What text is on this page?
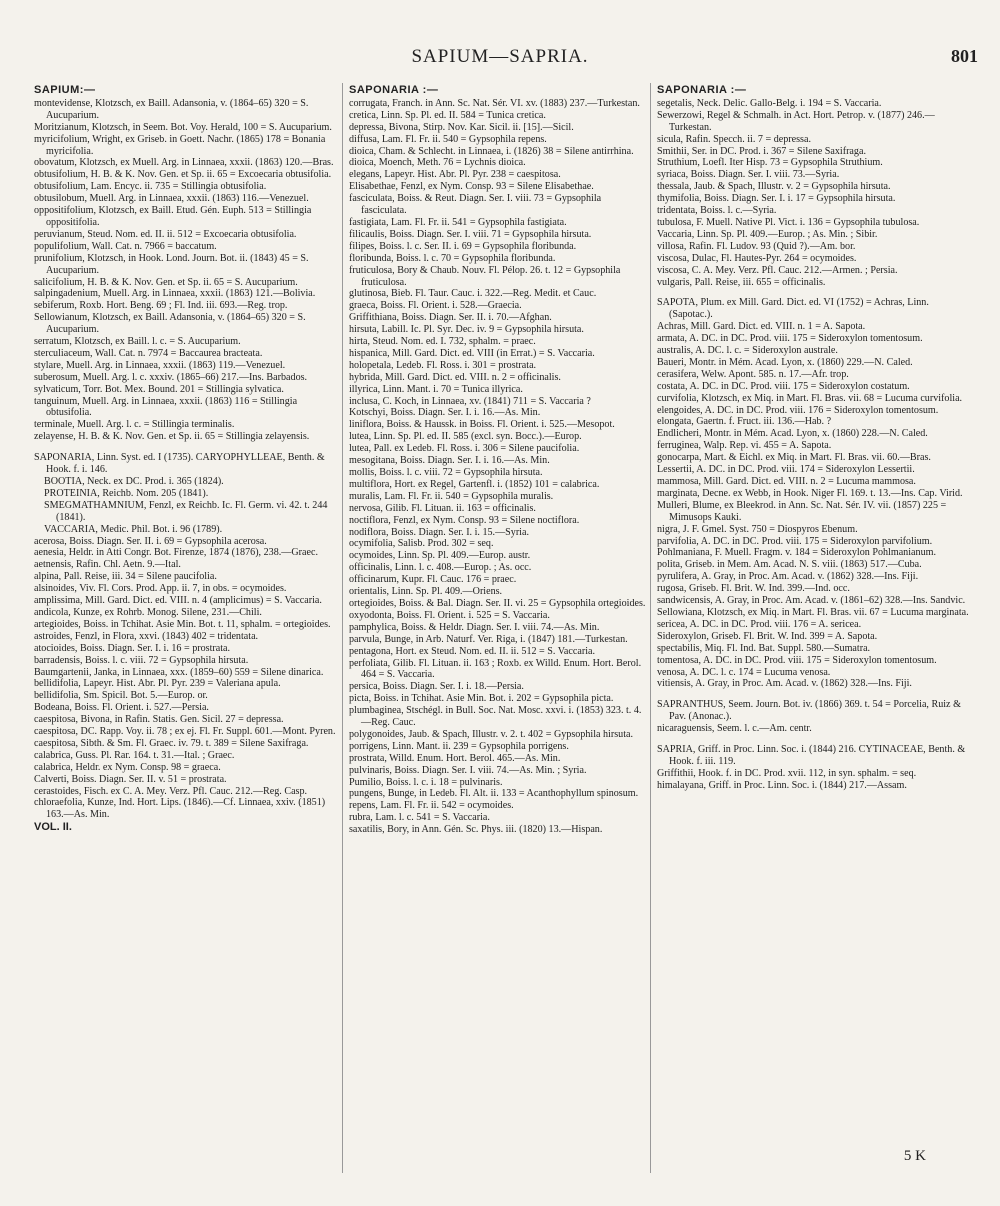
SAPIUM—SAPRIA.	801
SAPIUM:—
montevidense, Klotzsch, ex Baill. Adansonia, v. (1864–65) 320 = S. Aucuparium.
Moritzianum, Klotzsch, in Seem. Bot. Voy. Herald, 100 = S. Aucuparium.
myricifolium, Wright, ex Griseb. in Goett. Nachr. (1865) 178 = Bonania myricifolia.
obovatum, Klotzsch, ex Muell. Arg. in Linnaea, xxxii. (1863) 120.—Bras.
obtusifolium, H. B. & K. Nov. Gen. et Sp. ii. 65 = Excoecaria obtusifolia.
obtusifolium, Lam. Encyc. ii. 735 = Stillingia obtusifolia.
obtusilobum, Muell. Arg. in Linnaea, xxxii. (1863) 116.—Venezuel.
oppositifolium, Klotzsch, ex Baill. Etud. Gén. Euph. 513 = Stillingia oppositifolia.
peruvianum, Steud. Nom. ed. II. ii. 512 = Excoecaria obtusifolia.
populifolium, Wall. Cat. n. 7966 = baccatum.
prunifolium, Klotzsch, in Hook. Lond. Journ. Bot. ii. (1843) 45 = S. Aucuparium.
salicifolium, H. B. & K. Nov. Gen. et Sp. ii. 65 = S. Aucuparium.
salpingadenium, Muell. Arg. in Linnaea, xxxii. (1863) 121.—Bolivia.
sebiferum, Roxb. Hort. Beng. 69 ; Fl. Ind. iii. 693.—Reg. trop.
Sellowianum, Klotzsch, ex Baill. Adansonia, v. (1864–65) 320 = S. Aucuparium.
serratum, Klotzsch, ex Baill. l. c. = S. Aucuparium.
sterculiaceum, Wall. Cat. n. 7974 = Baccaurea bracteata.
stylare, Muell. Arg. in Linnaea, xxxii. (1863) 119.—Venezuel.
suberosum, Muell. Arg. l. c. xxxiv. (1865–66) 217.—Ins. Barbados.
sylvaticum, Torr. Bot. Mex. Bound. 201 = Stillingia sylvatica.
tanguinum, Muell. Arg. in Linnaea, xxxii. (1863) 116 = Stillingia obtusifolia.
terminale, Muell. Arg. l. c. = Stillingia terminalis.
zelayense, H. B. & K. Nov. Gen. et Sp. ii. 65 = Stillingia zelayensis.
SAPONARIA, Linn. Syst. ed. I (1735). CARYOPHYLLEAE, Benth. & Hook. f. i. 146.
BOOTIA, Neck. ex DC. Prod. i. 365 (1824).
PROTEINIA, Reichb. Nom. 205 (1841).
SMEGMATHAMNIUM, Fenzl, ex Reichb. Ic. Fl. Germ. vi. 42. t. 244 (1841).
VACCARIA, Medic. Phil. Bot. i. 96 (1789).
acerosa, Boiss. Diagn. Ser. II. i. 69 = Gypsophila acerosa.
aenesia, Heldr. in Atti Congr. Bot. Firenze, 1874 (1876), 238.—Graec.
aetnensis, Rafin. Chl. Aetn. 9.—Ital.
alpina, Pall. Reise, iii. 34 = Silene paucifolia.
alsinoides, Viv. Fl. Cors. Prod. App. ii. 7, in obs. = ocymoides.
amplissima, Mill. Gard. Dict. ed. VIII. n. 4 (amplicimus) = S. Vaccaria.
andicola, Kunze, ex Rohrb. Monog. Silene, 231.—Chili.
artegioides, Boiss. in Tchihat. Asie Min. Bot. t. 11, sphalm. = ortegioides.
astroides, Fenzl, in Flora, xxvi. (1843) 402 = tridentata.
atocioides, Boiss. Diagn. Ser. I. i. 16 = prostrata.
barradensis, Boiss. l. c. viii. 72 = Gypsophila hirsuta.
Baumgartenii, Janka, in Linnaea, xxx. (1859–60) 559 = Silene dinarica.
bellidifolia, Lapeyr. Hist. Abr. Pl. Pyr. 239 = Valeriana apula.
bellidifolia, Sm. Spicil. Bot. 5.—Europ. or.
Bodeana, Boiss. Fl. Orient. i. 527.—Persia.
caespitosa, Bivona, in Rafin. Statis. Gen. Sicil. 27 = depressa.
caespitosa, DC. Rapp. Voy. ii. 78 ; ex ej. Fl. Fr. Suppl. 601.—Mont. Pyren.
caespitosa, Sibth. & Sm. Fl. Graec. iv. 79. t. 389 = Silene Saxifraga.
calabrica, Guss. Pl. Rar. 164. t. 31.—Ital. ; Graec.
calabrica, Heldr. ex Nym. Consp. 98 = graeca.
Calverti, Boiss. Diagn. Ser. II. v. 51 = prostrata.
cerastoides, Fisch. ex C. A. Mey. Verz. Pfl. Cauc. 212.—Reg. Casp.
chloraefolia, Kunze, Ind. Hort. Lips. (1846).—Cf. Linnaea, xxiv. (1851) 163.—As. Min.
VOL. II.
SAPONARIA :—
corrugata, Franch. in Ann. Sc. Nat. Sér. VI. xv. (1883) 237.—Turkestan.
cretica, Linn. Sp. Pl. ed. II. 584 = Tunica cretica.
depressa, Bivona, Stirp. Nov. Kar. Sicil. ii. [15].—Sicil.
diffusa, Lam. Fl. Fr. ii. 540 = Gypsophila repens.
dioica, Cham. & Schlecht. in Linnaea, i. (1826) 38 = Silene antirrhina.
dioica, Moench, Meth. 76 = Lychnis dioica.
elegans, Lapeyr. Hist. Abr. Pl. Pyr. 238 = caespitosa.
Elisabethae, Fenzl, ex Nym. Consp. 93 = Silene Elisabethae.
fasciculata, Boiss. & Reut. Diagn. Ser. I. viii. 73 = Gypsophila fasciculata.
fastigiata, Lam. Fl. Fr. ii. 541 = Gypsophila fastigiata.
filicaulis, Boiss. Diagn. Ser. I. viii. 71 = Gypsophila hirsuta.
filipes, Boiss. l. c. Ser. II. i. 69 = Gypsophila floribunda.
floribunda, Boiss. l. c. 70 = Gypsophila floribunda.
fruticulosa, Bory & Chaub. Nouv. Fl. Pélop. 26. t. 12 = Gypsophila fruticulosa.
glutinosa, Bieb. Fl. Taur. Cauc. i. 322.—Reg. Medit. et Cauc.
graeca, Boiss. Fl. Orient. i. 528.—Graecia.
Griffithiana, Boiss. Diagn. Ser. II. i. 70.—Afghan.
hirsuta, Labill. Ic. Pl. Syr. Dec. iv. 9 = Gypsophila hirsuta.
hirta, Steud. Nom. ed. I. 732, sphalm. = praec.
hispanica, Mill. Gard. Dict. ed. VIII (in Errat.) = S. Vaccaria.
holopetala, Ledeb. Fl. Ross. i. 301 = prostrata.
hybrida, Mill. Gard. Dict. ed. VIII. n. 2 = officinalis.
illyrica, Linn. Mant. i. 70 = Tunica illyrica.
inclusa, C. Koch, in Linnaea, xv. (1841) 711 = S. Vaccaria ?
Kotschyi, Boiss. Diagn. Ser. I. i. 16.—As. Min.
liniflora, Boiss. & Haussk. in Boiss. Fl. Orient. i. 525.—Mesopot.
lutea, Linn. Sp. Pl. ed. II. 585 (excl. syn. Bocc.).—Europ.
lutea, Pall. ex Ledeb. Fl. Ross. i. 306 = Silene paucifolia.
mesogitana, Boiss. Diagn. Ser. I. i. 16.—As. Min.
mollis, Boiss. l. c. viii. 72 = Gypsophila hirsuta.
multiflora, Hort. ex Regel, Gartenfl. i. (1852) 101 = calabrica.
muralis, Lam. Fl. Fr. ii. 540 = Gypsophila muralis.
nervosa, Gilib. Fl. Lituan. ii. 163 = officinalis.
noctiflora, Fenzl, ex Nym. Consp. 93 = Silene noctiflora.
nodiflora, Boiss. Diagn. Ser. I. i. 15.—Syria.
ocymifolia, Salisb. Prod. 302 = seq.
ocymoides, Linn. Sp. Pl. 409.—Europ. austr.
officinalis, Linn. l. c. 408.—Europ. ; As. occ.
officinarum, Kupr. Fl. Cauc. 176 = praec.
orientalis, Linn. Sp. Pl. 409.—Oriens.
ortegioides, Boiss. & Bal. Diagn. Ser. II. vi. 25 = Gypsophila ortegioides.
oxyodonta, Boiss. Fl. Orient. i. 525 = S. Vaccaria.
pamphylica, Boiss. & Heldr. Diagn. Ser. I. viii. 74.—As. Min.
parvula, Bunge, in Arb. Naturf. Ver. Riga, i. (1847) 181.—Turkestan.
pentagona, Hort. ex Steud. Nom. ed. II. ii. 512 = S. Vaccaria.
perfoliata, Gilib. Fl. Lituan. ii. 163 ; Roxb. ex Willd. Enum. Hort. Berol. 464 = S. Vaccaria.
persica, Boiss. Diagn. Ser. I. i. 18.—Persia.
picta, Boiss. in Tchihat. Asie Min. Bot. i. 202 = Gypsophila picta.
plumbaginea, Stschégl. in Bull. Soc. Nat. Mosc. xxvi. i. (1853) 323. t. 4.—Reg. Cauc.
polygonoides, Jaub. & Spach, Illustr. v. 2. t. 402 = Gypsophila hirsuta.
porrigens, Linn. Mant. ii. 239 = Gypsophila porrigens.
prostrata, Willd. Enum. Hort. Berol. 465.—As. Min.
pulvinaris, Boiss. Diagn. Ser. I. viii. 74.—As. Min. ; Syria.
Pumilio, Boiss. l. c. i. 18 = pulvinaris.
pungens, Bunge, in Ledeb. Fl. Alt. ii. 133 = Acanthophyllum spinosum.
repens, Lam. Fl. Fr. ii. 542 = ocymoides.
rubra, Lam. l. c. 541 = S. Vaccaria.
saxatilis, Bory, in Ann. Gén. Sc. Phys. iii. (1820) 13.—Hispan.
SAPONARIA :—
segetalis, Neck. Delic. Gallo-Belg. i. 194 = S. Vaccaria.
Sewerzowi, Regel & Schmalh. in Act. Hort. Petrop. v. (1877) 246.—Turkestan.
sicula, Rafin. Specch. ii. 7 = depressa.
Smithii, Ser. in DC. Prod. i. 367 = Silene Saxifraga.
Struthium, Loefl. Iter Hisp. 73 = Gypsophila Struthium.
syriaca, Boiss. Diagn. Ser. I. viii. 73.—Syria.
thessala, Jaub. & Spach, Illustr. v. 2 = Gypsophila hirsuta.
thymifolia, Boiss. Diagn. Ser. I. i. 17 = Gypsophila hirsuta.
tridentata, Boiss. l. c.—Syria.
tubulosa, F. Muell. Native Pl. Vict. i. 136 = Gypsophila tubulosa.
Vaccaria, Linn. Sp. Pl. 409.—Europ. ; As. Min. ; Sibir.
villosa, Rafin. Fl. Ludov. 93 (Quid ?).—Am. bor.
viscosa, Dulac, Fl. Hautes-Pyr. 264 = ocymoides.
viscosa, C. A. Mey. Verz. Pfl. Cauc. 212.—Armen. ; Persia.
vulgaris, Pall. Reise, iii. 655 = officinalis.
SAPOTA, Plum. ex Mill. Gard. Dict. ed. VI (1752) = Achras, Linn. (Sapotac.).
Achras, Mill. Gard. Dict. ed. VIII. n. 1 = A. Sapota.
armata, A. DC. in DC. Prod. viii. 175 = Sideroxylon tomentosum.
australis, A. DC. l. c. = Sideroxylon australe.
Baueri, Montr. in Mém. Acad. Lyon, x. (1860) 229.—N. Caled.
cerasifera, Welw. Apont. 585. n. 17.—Afr. trop.
costata, A. DC. in DC. Prod. viii. 175 = Sideroxylon costatum.
curvifolia, Klotzsch, ex Miq. in Mart. Fl. Bras. vii. 68 = Lucuma curvifolia.
elengoides, A. DC. in DC. Prod. viii. 176 = Sideroxylon tomentosum.
elongata, Gaertn. f. Fruct. iii. 136.—Hab. ?
Endlicheri, Montr. in Mém. Acad. Lyon, x. (1860) 228.—N. Caled.
ferruginea, Walp. Rep. vi. 455 = A. Sapota.
gonocarpa, Mart. & Eichl. ex Miq. in Mart. Fl. Bras. vii. 60.—Bras.
Lessertii, A. DC. in DC. Prod. viii. 174 = Sideroxylon Lessertii.
mammosa, Mill. Gard. Dict. ed. VIII. n. 2 = Lucuma mammosa.
marginata, Decne. ex Webb, in Hook. Niger Fl. 169. t. 13.—Ins. Cap. Virid.
Mulleri, Blume, ex Bleekrod. in Ann. Sc. Nat. Sér. IV. vii. (1857) 225 = Mimusops Kauki.
nigra, J. F. Gmel. Syst. 750 = Diospyros Ebenum.
parvifolia, A. DC. in DC. Prod. viii. 175 = Sideroxylon parvifolium.
Pohlmaniana, F. Muell. Fragm. v. 184 = Sideroxylon Pohlmanianum.
polita, Griseb. in Mem. Am. Acad. N. S. viii. (1863) 517.—Cuba.
pyrulifera, A. Gray, in Proc. Am. Acad. v. (1862) 328.—Ins. Fiji.
rugosa, Griseb. Fl. Brit. W. Ind. 399.—Ind. occ.
sandwicensis, A. Gray, in Proc. Am. Acad. v. (1861–62) 328.—Ins. Sandvic.
Sellowiana, Klotzsch, ex Miq. in Mart. Fl. Bras. vii. 67 = Lucuma marginata.
sericea, A. DC. in DC. Prod. viii. 176 = A. sericea.
Sideroxylon, Griseb. Fl. Brit. W. Ind. 399 = A. Sapota.
spectabilis, Miq. Fl. Ind. Bat. Suppl. 580.—Sumatra.
tomentosa, A. DC. in DC. Prod. viii. 175 = Sideroxylon tomentosum.
venosa, A. DC. l. c. 174 = Lucuma venosa.
vitiensis, A. Gray, in Proc. Am. Acad. v. (1862) 328.—Ins. Fiji.
SAPRANTHUS, Seem. Journ. Bot. iv. (1866) 369. t. 54 = Porcelia, Ruiz & Pav. (Anonac.).
nicaraguensis, Seem. l. c.—Am. centr.
SAPRIA, Griff. in Proc. Linn. Soc. i. (1844) 216. CYTINACEAE, Benth. & Hook. f. iii. 119.
Griffithii, Hook. f. in DC. Prod. xvii. 112, in syn. sphalm. = seq.
himalayana, Griff. in Proc. Linn. Soc. i. (1844) 217.—Assam.
5 K
